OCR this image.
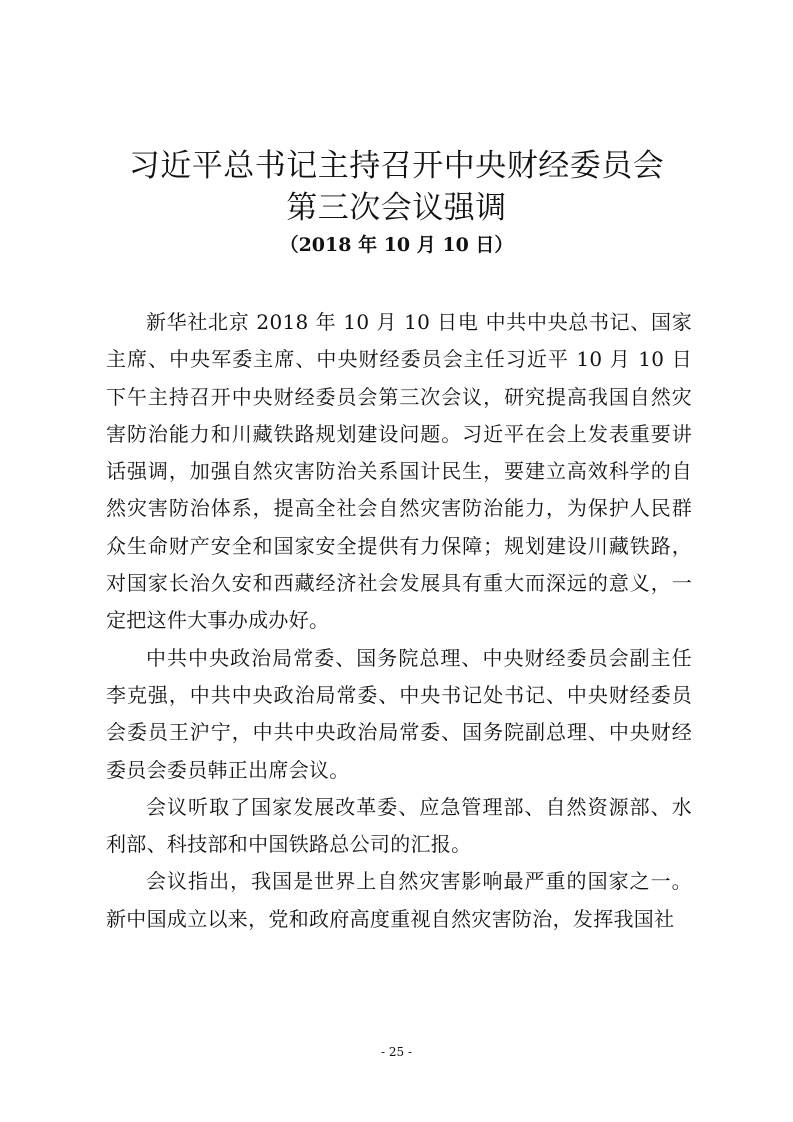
习近平总书记主持召开中央财经委员会
第三次会议强调
（2018 年 10 月 10 日）

新华社北京 2018 年 10 月 10 日电 中共中央总书记、国家主席、中央军委主席、中央财经委员会主任习近平 10 月 10 日下午主持召开中央财经委员会第三次会议，研究提高我国自然灾害防治能力和川藏铁路规划建设问题。习近平在会上发表重要讲话强调，加强自然灾害防治关系国计民生，要建立高效科学的自然灾害防治体系，提高全社会自然灾害防治能力，为保护人民群众生命财产安全和国家安全提供有力保障；规划建设川藏铁路，对国家长治久安和西藏经济社会发展具有重大而深远的意义，一定把这件大事办成办好。

中共中央政治局常委、国务院总理、中央财经委员会副主任李克强，中共中央政治局常委、中央书记处书记、中央财经委员会委员王沪宁，中共中央政治局常委、国务院副总理、中央财经委员会委员韩正出席会议。

会议听取了国家发展改革委、应急管理部、自然资源部、水利部、科技部和中国铁路总公司的汇报。

会议指出，我国是世界上自然灾害影响最严重的国家之一。新中国成立以来，党和政府高度重视自然灾害防治，发挥我国社

- 25 -
